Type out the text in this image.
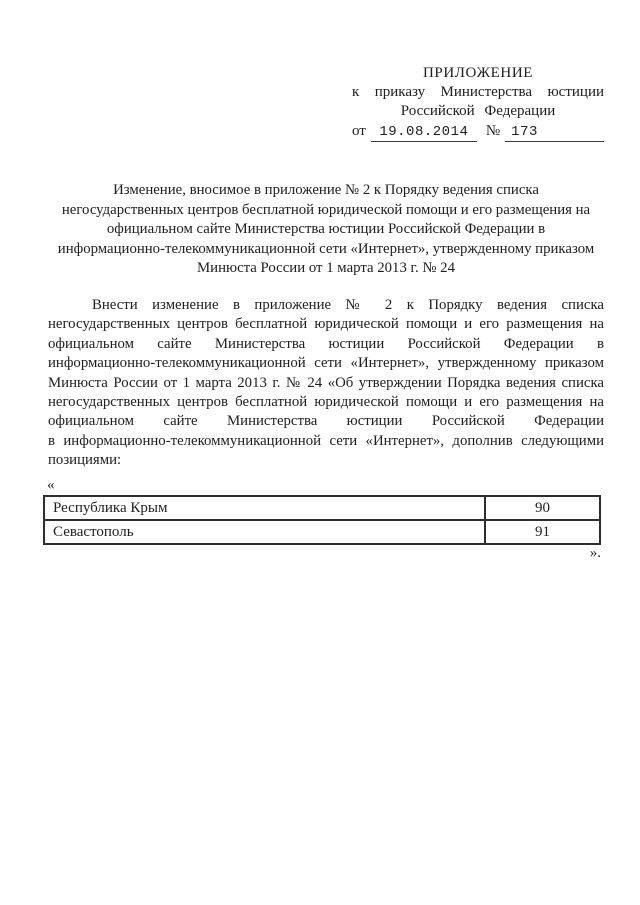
ПРИЛОЖЕНИЕ
к приказу Министерства юстиции
Российской Федерации
от 19.08.2014	№ 173
Изменение, вносимое в приложение № 2 к Порядку ведения списка
негосударственных центров бесплатной юридической помощи и его размещения на
официальном сайте Министерства юстиции Российской Федерации в
информационно-телекоммуникационной сети «Интернет», утвержденному приказом
Минюста России от 1 марта 2013 г. № 24
Внести изменение в приложение № 2 к Порядку ведения списка
негосударственных центров бесплатной юридической помощи и его размещения на
официальном сайте Министерства юстиции Российской Федерации в
информационно-телекоммуникационной сети «Интернет», утвержденному приказом
Минюста России от 1 марта 2013 г. № 24 «Об утверждении Порядка ведения списка
негосударственных центров бесплатной юридической помощи и его размещения на
официальном сайте Министерства юстиции Российской Федерации
в информационно-телекоммуникационной сети «Интернет», дополнив следующими
позициями:
«
Республика Крым	90
Севастополь	91
».
